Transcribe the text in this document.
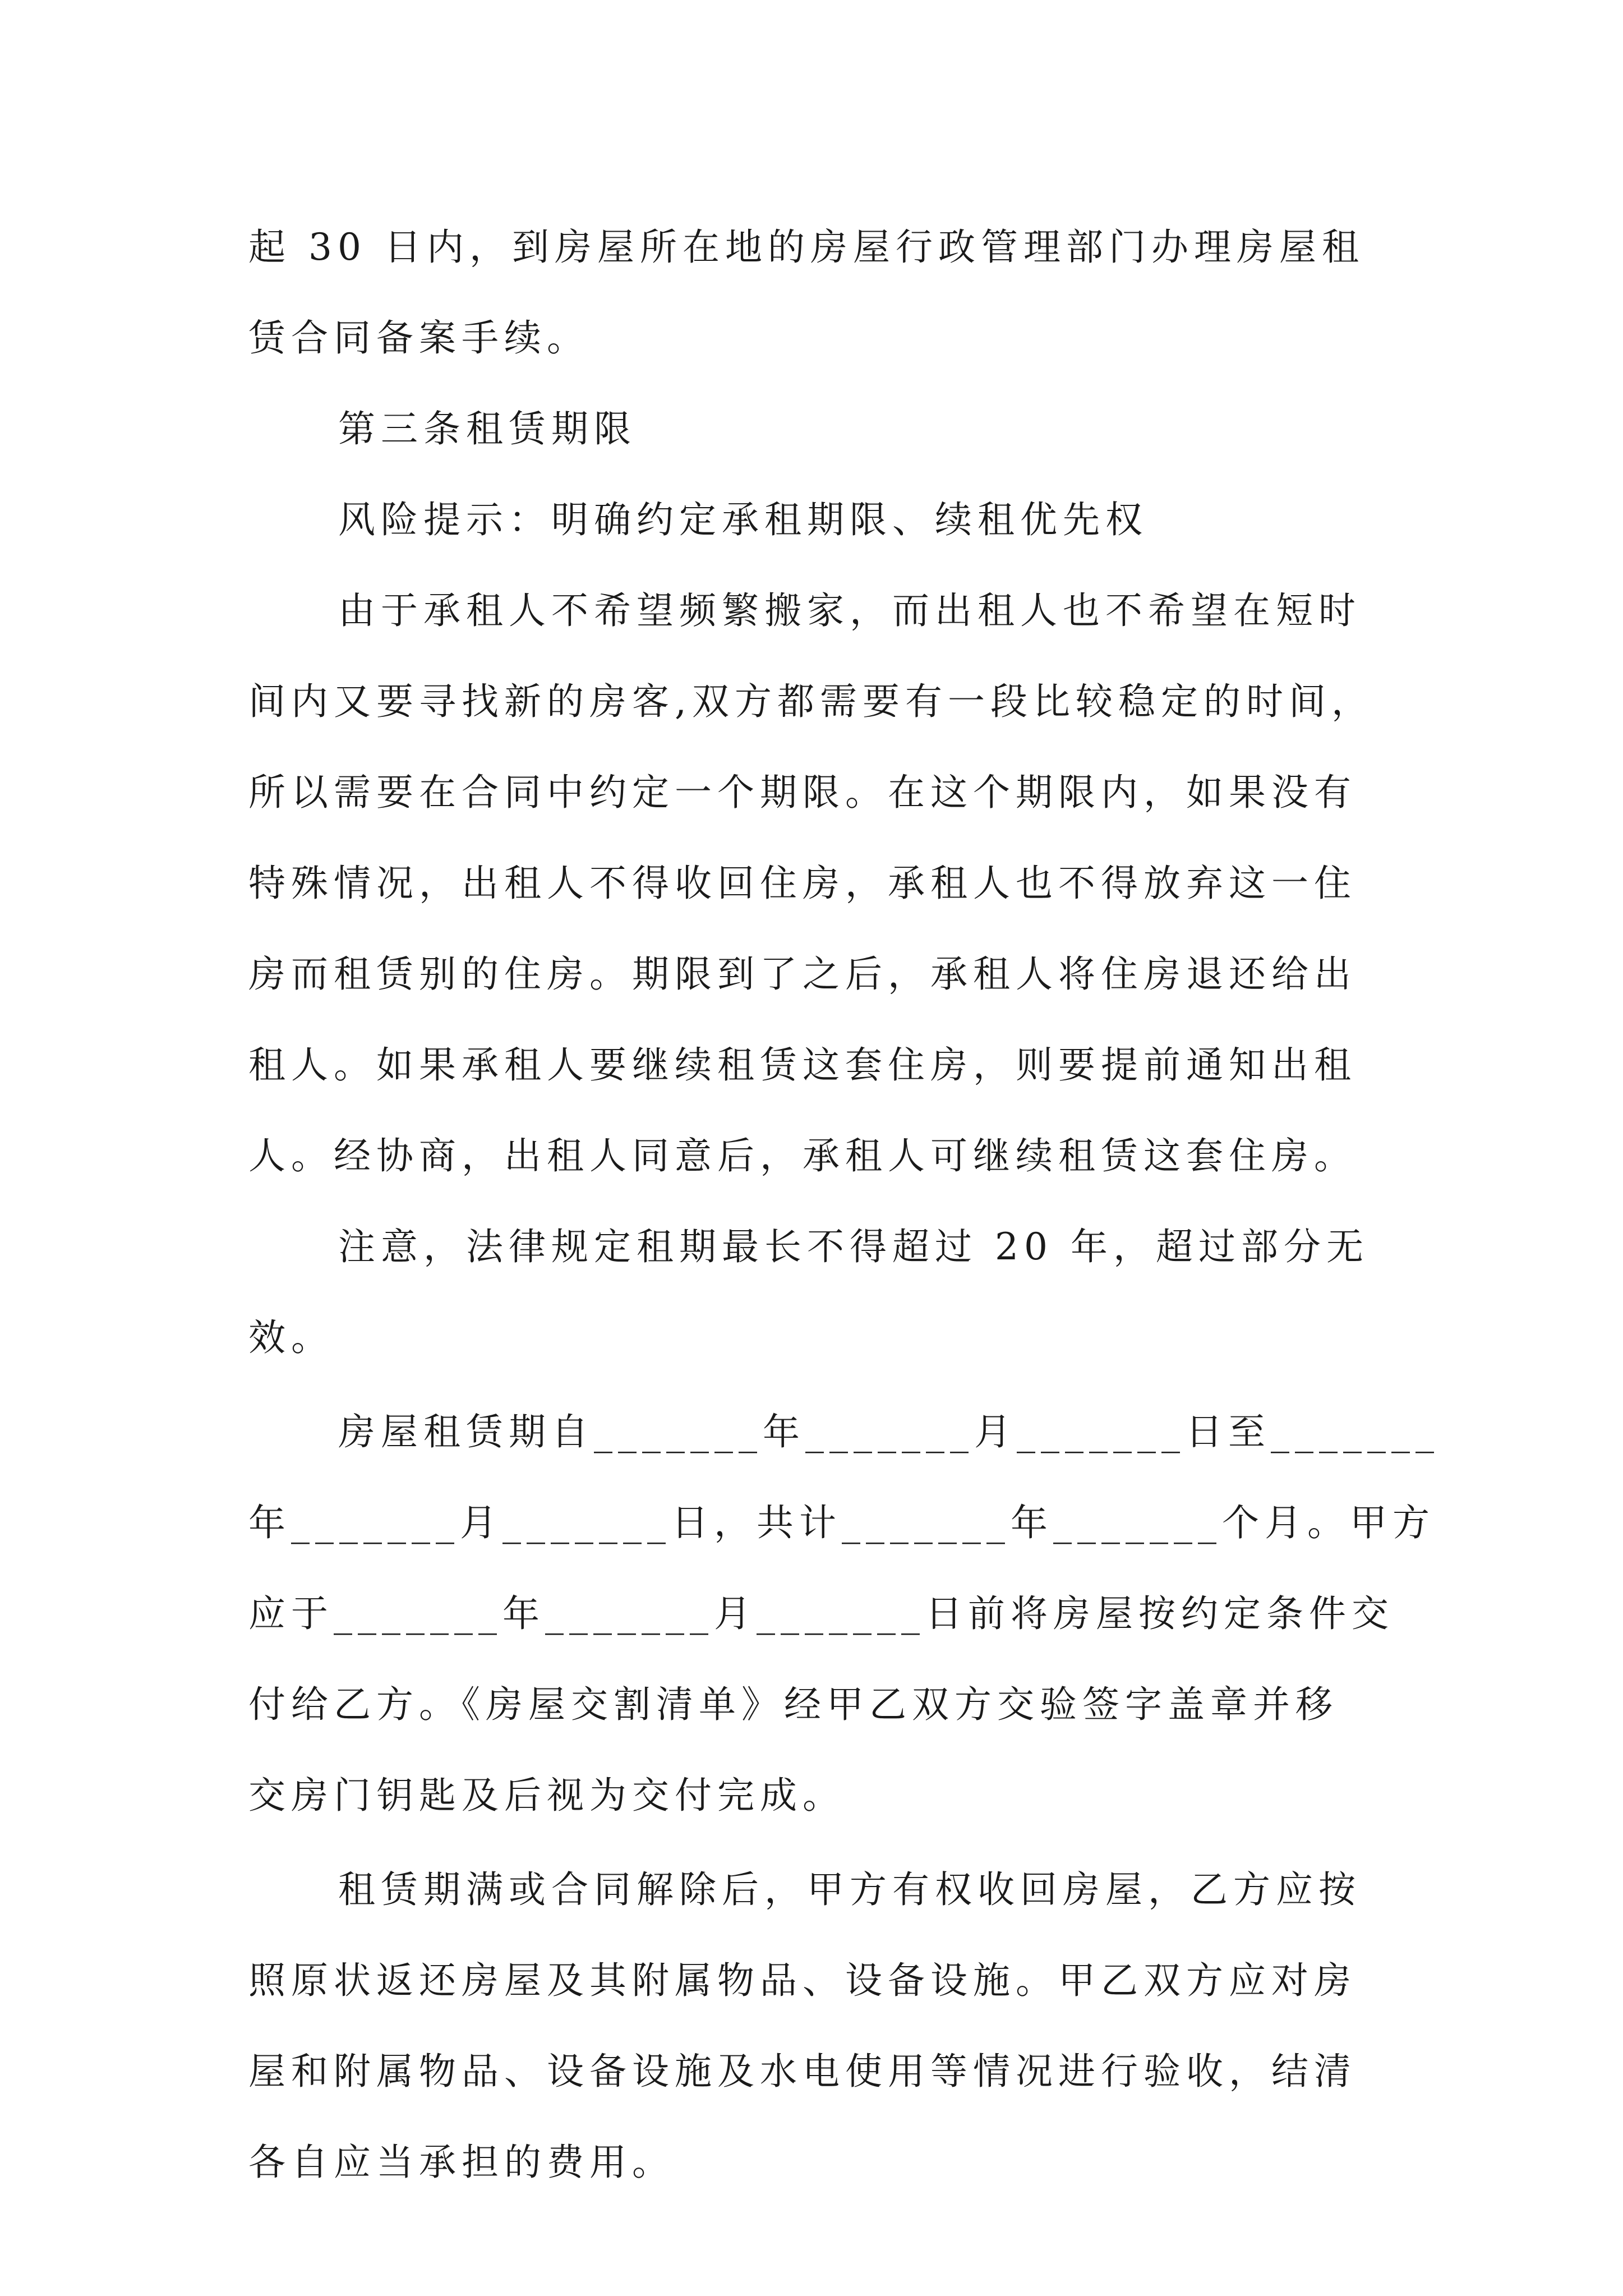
起 30 日内，到房屋所在地的房屋行政管理部门办理房屋租
赁合同备案手续。
第三条租赁期限
风险提示：明确约定承租期限、续租优先权
由于承租人不希望频繁搬家，而出租人也不希望在短时
间内又要寻找新的房客,双方都需要有一段比较稳定的时间，
所以需要在合同中约定一个期限。在这个期限内，如果没有
特殊情况，出租人不得收回住房，承租人也不得放弃这一住
房而租赁别的住房。期限到了之后，承租人将住房退还给出
租人。如果承租人要继续租赁这套住房，则要提前通知出租
人。经协商，出租人同意后，承租人可继续租赁这套住房。
注意，法律规定租期最长不得超过 20 年，超过部分无
效。
房屋租赁期自_______年_______月_______日至_______
年_______月_______日，共计_______年_______个月。甲方
应于_______年_______月_______日前将房屋按约定条件交
付给乙方。《房屋交割清单》经甲乙双方交验签字盖章并移
交房门钥匙及后视为交付完成。
租赁期满或合同解除后，甲方有权收回房屋，乙方应按
照原状返还房屋及其附属物品、设备设施。甲乙双方应对房
屋和附属物品、设备设施及水电使用等情况进行验收，结清
各自应当承担的费用。
